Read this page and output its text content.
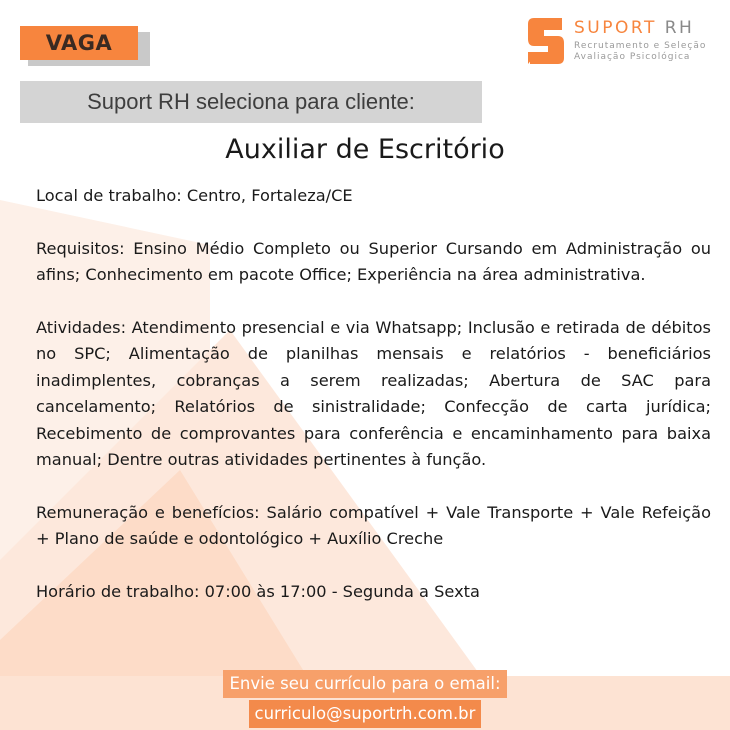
VAGA
SUPORT RH
Recrutamento e Seleção
Avaliação Psicológica
Suport RH seleciona para cliente:
Auxiliar de Escritório

Local de trabalho: Centro, Fortaleza/CE

Requisitos: Ensino Médio Completo ou Superior Cursando em Administração ou afins; Conhecimento em pacote Office; Experiência na área administrativa.

Atividades: Atendimento presencial e via Whatsapp; Inclusão e retirada de débitos no SPC; Alimentação de planilhas mensais e relatórios - beneficiários inadimplentes, cobranças a serem realizadas; Abertura de SAC para cancelamento; Relatórios de sinistralidade; Confecção de carta jurídica; Recebimento de comprovantes para conferência e encaminhamento para baixa manual; Dentre outras atividades pertinentes à função.

Remuneração e benefícios: Salário compatível + Vale Transporte + Vale Refeição + Plano de saúde e odontológico + Auxílio Creche

Horário de trabalho: 07:00 às 17:00 - Segunda a Sexta

Envie seu currículo para o email:
curriculo@suportrh.com.br
